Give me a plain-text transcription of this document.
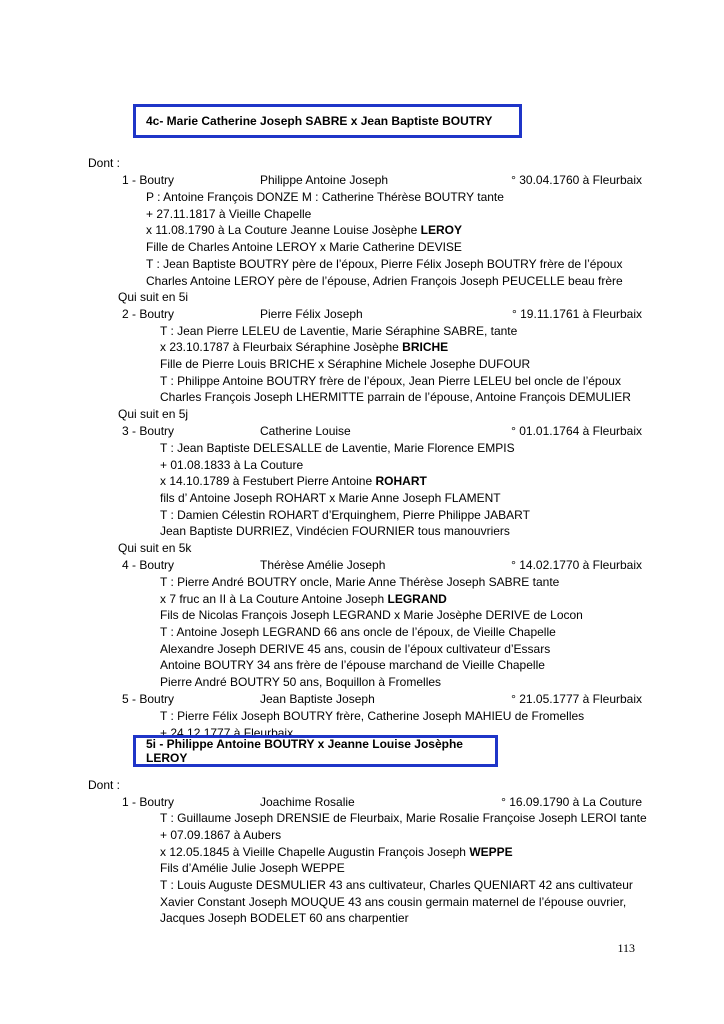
4c- Marie Catherine Joseph SABRE x Jean Baptiste BOUTRY
Dont :
1 - Boutry	Philippe Antoine Joseph	° 30.04.1760 à Fleurbaix
P : Antoine François DONZE M : Catherine Thérèse BOUTRY tante
+ 27.11.1817 à Vieille Chapelle
x 11.08.1790 à La Couture Jeanne Louise Josèphe LEROY
Fille de Charles Antoine LEROY x Marie Catherine DEVISE
T : Jean Baptiste BOUTRY père de l’époux, Pierre Félix Joseph BOUTRY frère de l’époux
Charles Antoine LEROY père de l’épouse, Adrien François Joseph PEUCELLE beau frère
Qui suit en 5i
2 - Boutry	Pierre Félix Joseph	° 19.11.1761 à Fleurbaix
T : Jean Pierre LELEU de Laventie, Marie Séraphine SABRE, tante
x 23.10.1787 à Fleurbaix Séraphine Josèphe BRICHE
Fille de Pierre Louis BRICHE x Séraphine Michele Josephe DUFOUR
T : Philippe Antoine BOUTRY frère de l’époux, Jean Pierre LELEU bel oncle de l’époux
Charles François Joseph LHERMITTE parrain de l’épouse, Antoine François DEMULIER
Qui suit en 5j
3 - Boutry	Catherine Louise	° 01.01.1764 à Fleurbaix
T : Jean Baptiste DELESALLE de Laventie, Marie Florence EMPIS
+ 01.08.1833 à La Couture
x 14.10.1789 à Festubert Pierre Antoine ROHART
fils d’ Antoine Joseph ROHART x Marie Anne Joseph FLAMENT
T : Damien Célestin ROHART d’Erquinghem, Pierre Philippe JABART
Jean Baptiste DURRIEZ, Vindécien FOURNIER tous manouvriers
Qui suit en 5k
4 - Boutry	Thérèse Amélie Joseph	° 14.02.1770 à Fleurbaix
T : Pierre André BOUTRY oncle, Marie Anne Thérèse Joseph SABRE tante
x 7 fruc an II à La Couture Antoine Joseph LEGRAND
Fils de Nicolas François Joseph LEGRAND x Marie Josèphe DERIVE de Locon
T : Antoine Joseph LEGRAND 66 ans oncle de l’époux, de Vieille Chapelle
Alexandre Joseph DERIVE 45 ans, cousin de l’époux cultivateur d’Essars
Antoine BOUTRY 34 ans frère de l’épouse marchand de Vieille Chapelle
Pierre André BOUTRY 50 ans, Boquillon à Fromelles
5 - Boutry	Jean Baptiste Joseph	° 21.05.1777 à Fleurbaix
T : Pierre Félix Joseph BOUTRY frère, Catherine Joseph MAHIEU de Fromelles
+ 24.12.1777 à Fleurbaix
5i - Philippe Antoine BOUTRY x Jeanne Louise Josèphe LEROY
Dont :
1 - Boutry	Joachime Rosalie	° 16.09.1790 à La Couture
T : Guillaume Joseph DRENSIE de Fleurbaix, Marie Rosalie Françoise Joseph LEROI tante
+ 07.09.1867 à Aubers
x 12.05.1845 à Vieille Chapelle Augustin François Joseph WEPPE
Fils d’Amélie Julie Joseph WEPPE
T : Louis Auguste DESMULIER 43 ans cultivateur, Charles QUENIART 42 ans cultivateur
Xavier Constant Joseph MOUQUE 43 ans cousin germain maternel de l’épouse ouvrier,
Jacques Joseph BODELET 60 ans charpentier
113
